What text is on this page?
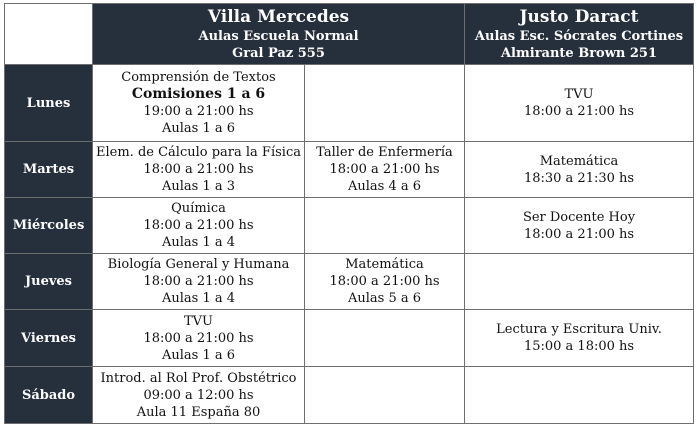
	Villa Mercedes
Aulas Escuela Normal
Gral Paz 555		Justo Daract
Aulas Esc. Sócrates Cortines
Almirante Brown 251

Lunes	Comprensión de Textos
Comisiones 1 a 6
19:00 a 21:00 hs
Aulas 1 a 6		TVU
18:00 a 21:00 hs

Martes	Elem. de Cálculo para la Física
18:00 a 21:00 hs
Aulas 1 a 3	Taller de Enfermería
18:00 a 21:00 hs
Aulas 4 a 6	Matemática
18:30 a 21:30 hs

Miércoles	Química
18:00 a 21:00 hs
Aulas 1 a 4		Ser Docente Hoy
18:00 a 21:00 hs

Jueves	Biología General y Humana
18:00 a 21:00 hs
Aulas 1 a 4	Matemática
18:00 a 21:00 hs
Aulas 5 a 6	

Viernes	TVU
18:00 a 21:00 hs
Aulas 1 a 6		Lectura y Escritura Univ.
15:00 a 18:00 hs

Sábado	Introd. al Rol Prof. Obstétrico
09:00 a 12:00 hs
Aula 11 España 80		
